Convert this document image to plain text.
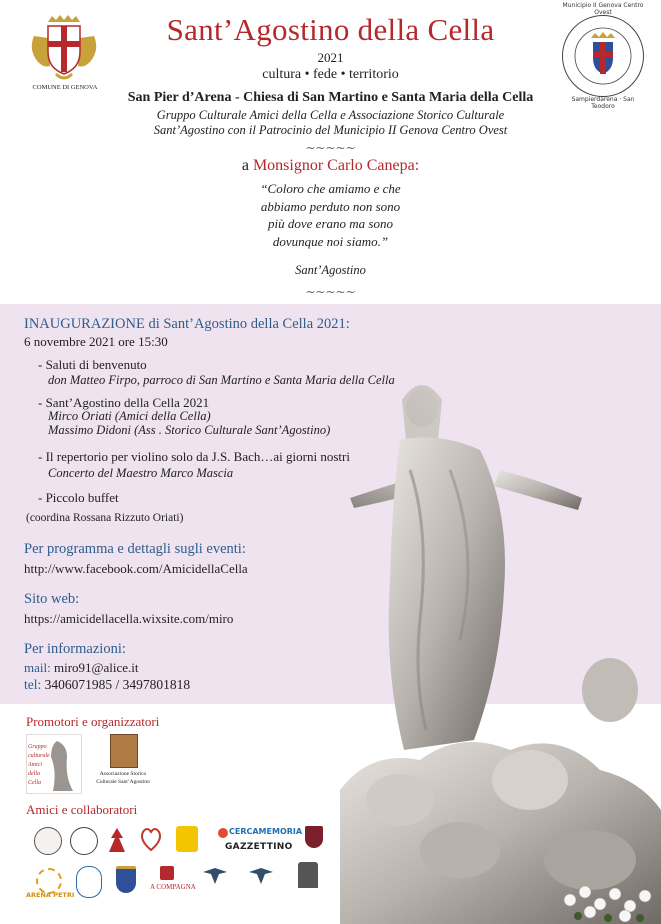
COMUNE DI GENOVA
Municipio II Genova Centro Ovest
Sampierdarena · San Teodoro
Sant’Agostino della Cella
2021
cultura • fede • territorio
San Pier d’Arena - Chiesa di San Martino e Santa Maria della Cella
Gruppo Culturale Amici della Cella e Associazione Storico Culturale
Sant’Agostino con il Patrocinio del Municipio II Genova Centro Ovest
~~~~~
a Monsignor Carlo Canepa:
“Coloro che amiamo e che
abbiamo perduto non sono
più dove erano ma sono
dovunque noi siamo.”
Sant’Agostino
~~~~~
INAUGURAZIONE di Sant’Agostino della Cella 2021:
6 novembre 2021 ore 15:30
- Saluti di benvenuto
don Matteo Firpo, parroco di San Martino e Santa Maria della Cella
- Sant’Agostino della Cella 2021
Mirco Oriati (Amici della Cella)
Massimo Didoni (Ass . Storico Culturale Sant’Agostino)
- Il repertorio per violino solo da J.S. Bach…ai giorni nostri
Concerto del Maestro Marco Mascia
- Piccolo buffet
(coordina Rossana Rizzuto Oriati)
Per programma e dettagli sugli eventi:
http://www.facebook.com/AmicidellaCella
Sito web:
https://amicidellacella.wixsite.com/miro
Per informazioni:
mail: miro91@alice.it
tel: 3406071985 / 3497801818
Promotori e organizzatori
Gruppo culturale Amici della Cella
Associazione Storico Culturale Sant’Agostino
Amici e collaboratori
CERCAMEMORIA
GAZZETTINO
ARENA PETRI
A COMPAGNA
